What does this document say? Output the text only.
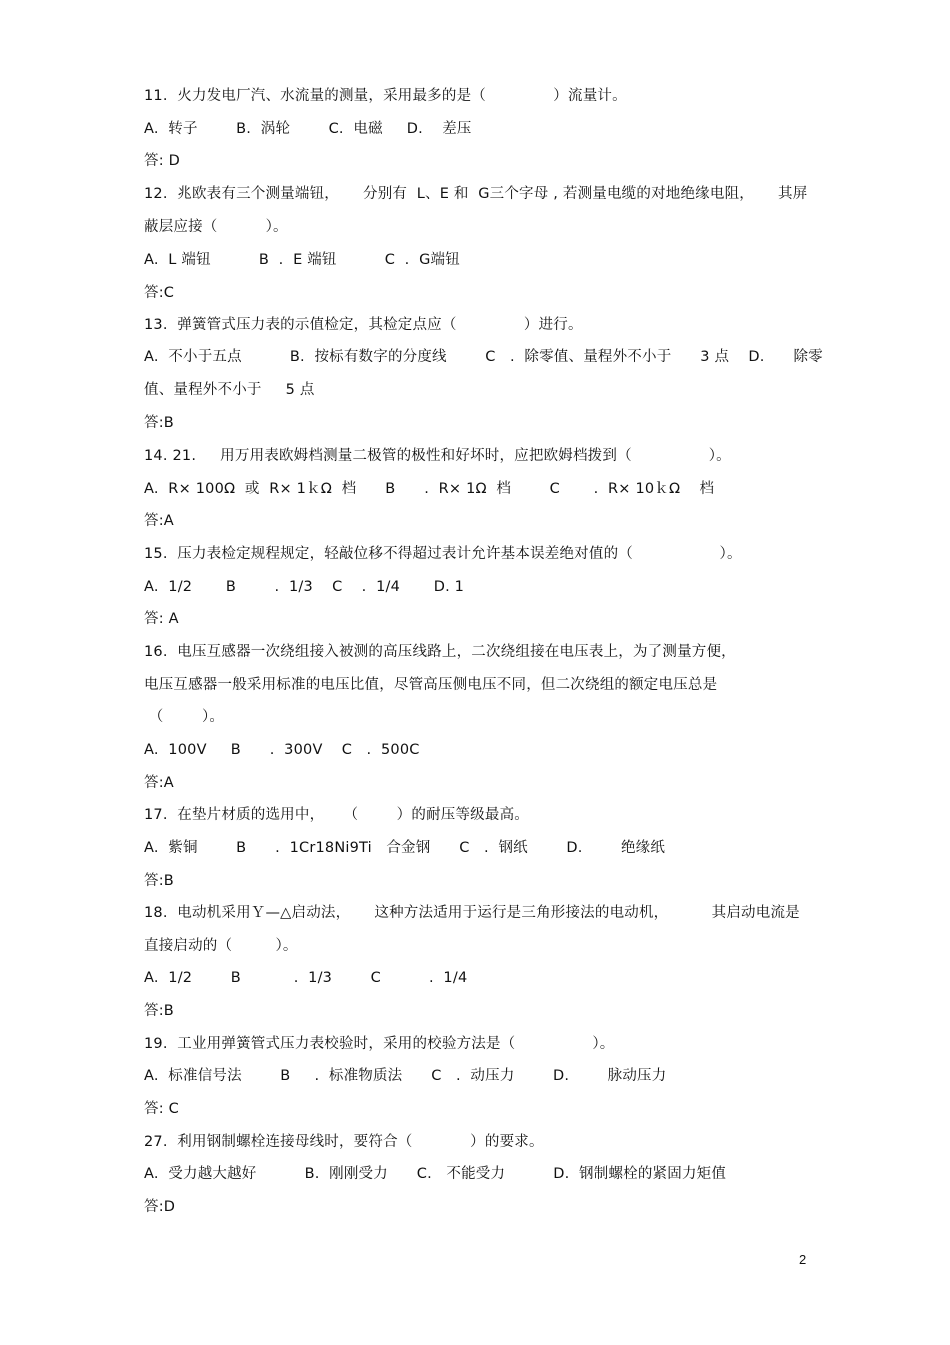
11.  火力发电厂汽、水流量的测量，采用最多的是（              ）流量计。
A.  转子        B.  涡轮        C.  电磁     D.    差压
答: D
12.  兆欧表有三个测量端钮，     分别有  L、E 和  G三个字母 , 若测量电缆的对地绝缘电阻，     其屏
蔽层应接（          ）。
A.  L 端钮          B  .  E 端钮          C  .  G端钮
答:C
13.  弹簧管式压力表的示值检定，其检定点应（              ）进行。
A.  不小于五点          B.  按标有数字的分度线        C   .  除零值、量程外不小于      3 点    D.      除零
值、量程外不小于     5 点
答:B
14. 21.     用万用表欧姆档测量二极管的极性和好坏时，应把欧姆档拨到（                ）。
A.  R× 100Ω  或  R× 1ｋΩ  档      B      .  R× 1Ω  档        C       .  R× 10ｋΩ    档
答:A
15.  压力表检定规程规定，轻敲位移不得超过表计允许基本误差绝对值的（                  ）。
A.  1/2       B        .  1/3    C    .  1/4       D. 1
答: A
16.  电压互感器一次绕组接入被测的高压线路上，二次绕组接在电压表上，为了测量方便，
电压互感器一般采用标准的电压比值，尽管高压侧电压不同，但二次绕组的额定电压总是
（        ）。
A.  100V     B      .  300V    C   .  500C
答:A
17.  在垫片材质的选用中，    （        ）的耐压等级最高。
A.  紫铜        B      .  1Cr18Ni9Ti   合金钢      C   .  钢纸        D.        绝缘纸
答:B
18.  电动机采用Ｙ—△启动法，     这种方法适用于运行是三角形接法的电动机，         其启动电流是
直接启动的（         ）。
A.  1/2        B           .  1/3        C          .  1/4
答:B
19.  工业用弹簧管式压力表校验时，采用的校验方法是（                ）。
A.  标准信号法        B     .  标准物质法      C   .  动压力        D.        脉动压力
答: C
27.  利用钢制螺栓连接母线时，要符合（            ）的要求。
A.  受力越大越好          B.  刚刚受力      C.   不能受力          D.  钢制螺栓的紧固力矩值
答:D
2
